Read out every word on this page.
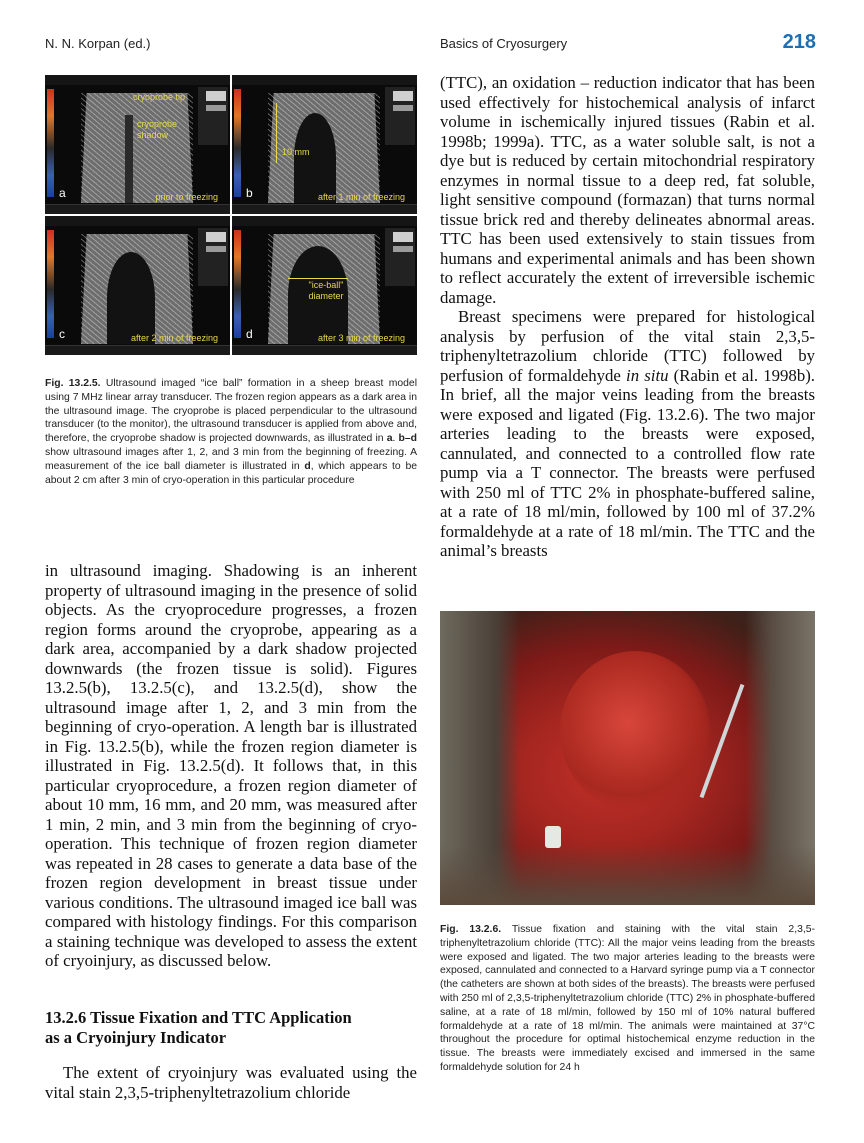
N. N. Korpan (ed.)	Basics of Cryosurgery	218
cryoprobe tip
cryoprobe shadow
a	prior to freezing
10 mm
b	after 1 min of freezing
c	after 2 min of freezing
"ice-ball" diameter
d	after 3 min of freezing
Fig. 13.2.5. Ultrasound imaged “ice ball” formation in a sheep breast model using 7 MHz linear array transducer. The frozen region appears as a dark area in the ultrasound image. The cryoprobe is placed perpendicular to the ultrasound transducer (to the monitor), the ultrasound transducer is applied from above and, therefore, the cryoprobe shadow is projected downwards, as illustrated in a. b–d show ultrasound images after 1, 2, and 3 min from the beginning of freezing. A measurement of the ice ball diameter is illustrated in d, which appears to be about 2 cm after 3 min of cryo-operation in this particular procedure

in ultrasound imaging. Shadowing is an inherent property of ultrasound imaging in the presence of solid objects. As the cryoprocedure progresses, a frozen region forms around the cryoprobe, appearing as a dark area, accompanied by a dark shadow projected downwards (the frozen tissue is solid). Figures 13.2.5(b), 13.2.5(c), and 13.2.5(d), show the ultrasound image after 1, 2, and 3 min from the beginning of cryo-operation. A length bar is illustrated in Fig. 13.2.5(b), while the frozen region diameter is illustrated in Fig. 13.2.5(d). It follows that, in this particular cryoprocedure, a frozen region diameter of about 10 mm, 16 mm, and 20 mm, was measured after 1 min, 2 min, and 3 min from the beginning of cryo-operation. This technique of frozen region diameter was repeated in 28 cases to generate a data base of the frozen region development in breast tissue under various conditions. The ultrasound imaged ice ball was compared with histology findings. For this comparison a staining technique was developed to assess the extent of cryoinjury, as discussed below.

13.2.6 Tissue Fixation and TTC Application
as a Cryoinjury Indicator

The extent of cryoinjury was evaluated using the vital stain 2,3,5-triphenyltetrazolium chloride

(TTC), an oxidation – reduction indicator that has been used effectively for histochemical analysis of infarct volume in ischemically injured tissues (Rabin et al. 1998b; 1999a). TTC, as a water soluble salt, is not a dye but is reduced by certain mitochondrial respiratory enzymes in normal tissue to a deep red, fat soluble, light sensitive compound (formazan) that turns normal tissue brick red and thereby delineates abnormal areas. TTC has been used extensively to stain tissues from humans and experimental animals and has been shown to reflect accurately the extent of irreversible ischemic damage.

Breast specimens were prepared for histological analysis by perfusion of the vital stain 2,3,5-triphenyltetrazolium chloride (TTC) followed by perfusion of formaldehyde in situ (Rabin et al. 1998b). In brief, all the major veins leading from the breasts were exposed and ligated (Fig. 13.2.6). The two major arteries leading to the breasts were exposed, cannulated, and connected to a controlled flow rate pump via a T connector. The breasts were perfused with 250 ml of TTC 2% in phosphate-buffered saline, at a rate of 18 ml/min, followed by 100 ml of 37.2% formaldehyde at a rate of 18 ml/min. The TTC and the animal’s breasts

Fig. 13.2.6. Tissue fixation and staining with the vital stain 2,3,5-triphenyltetrazolium chloride (TTC): All the major veins leading from the breasts were exposed and ligated. The two major arteries leading to the breasts were exposed, cannulated and connected to a Harvard syringe pump via a T connector (the catheters are shown at both sides of the breasts). The breasts were perfused with 250 ml of 2,3,5-triphenyltetrazolium chloride (TTC) 2% in phosphate-buffered saline, at a rate of 18 ml/min, followed by 150 ml of 10% natural buffered formaldehyde at a rate of 18 ml/min. The animals were maintained at 37°C throughout the procedure for optimal histochemical enzyme reduction in the tissue. The breasts were immediately excised and immersed in the same formaldehyde solution for 24 h
